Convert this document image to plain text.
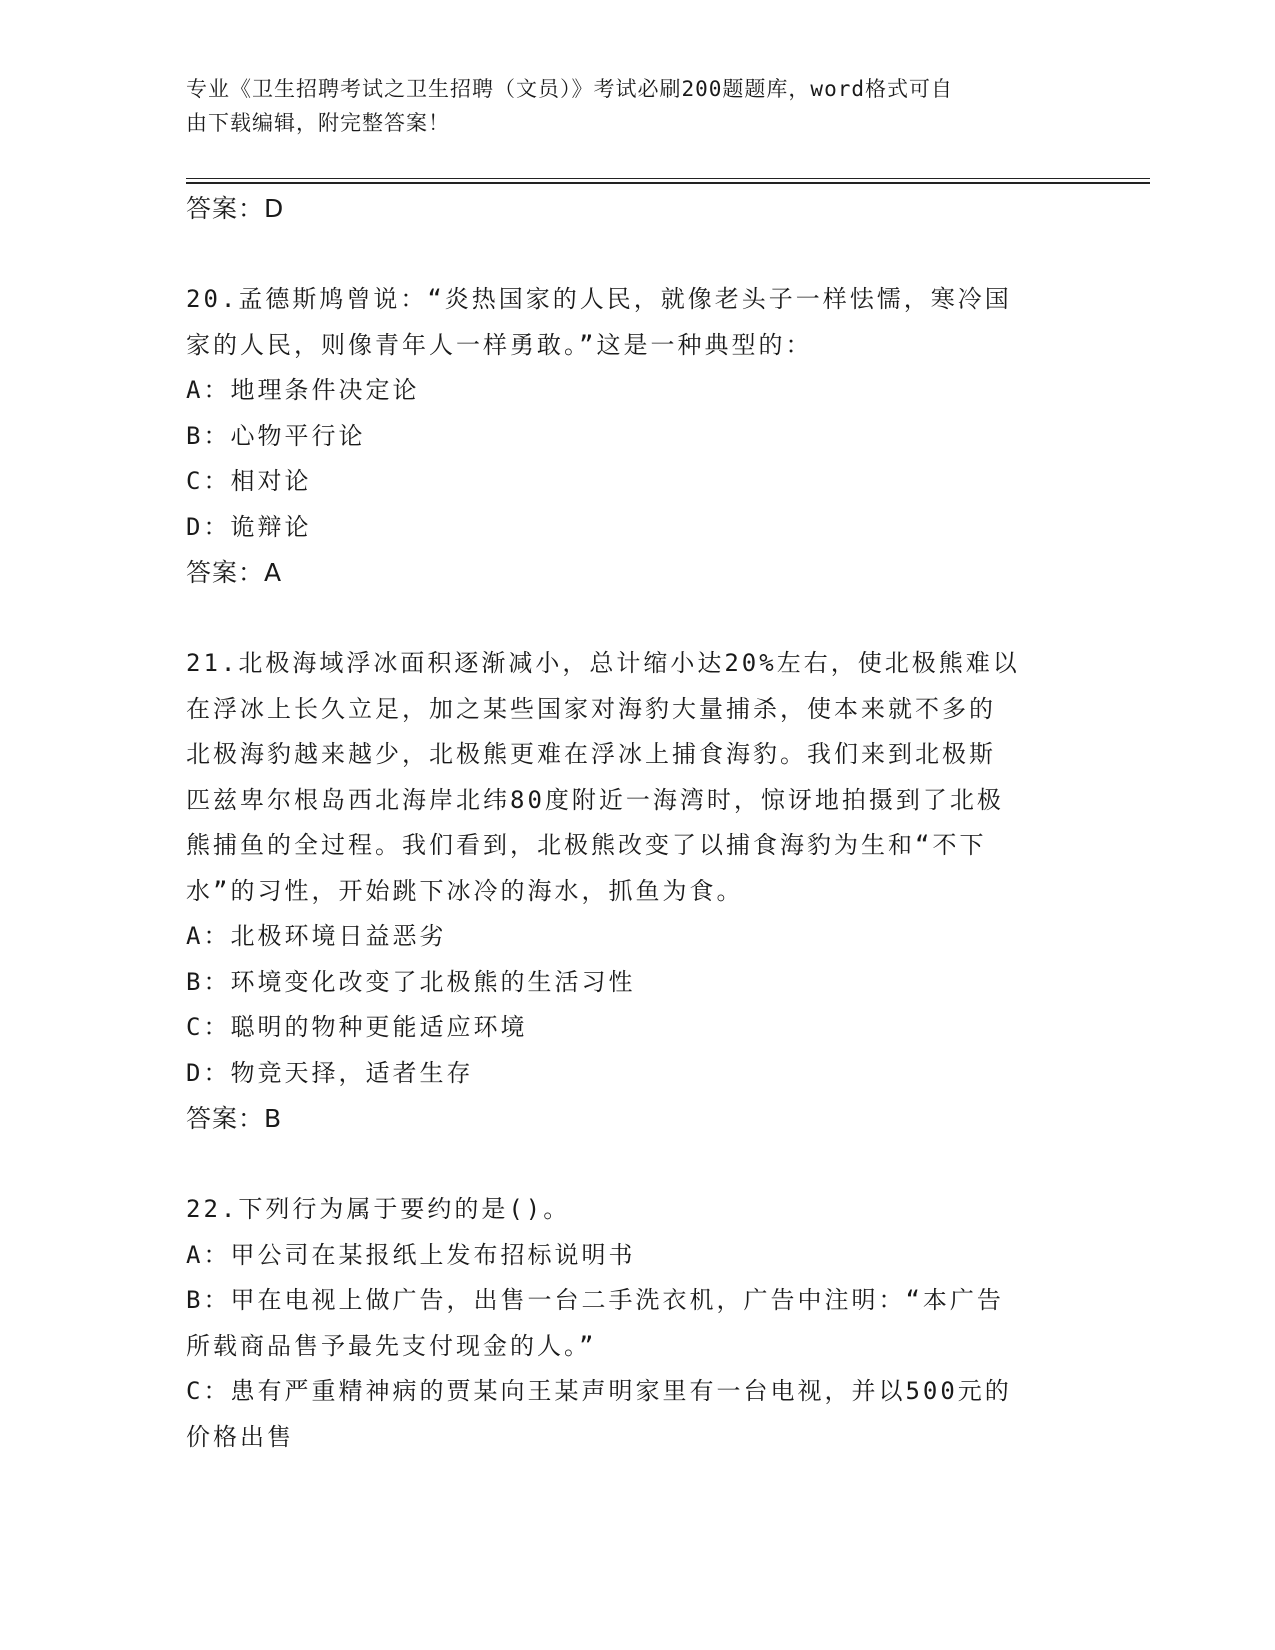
专业《卫生招聘考试之卫生招聘（文员）》考试必刷200题题库，word格式可自
由下载编辑，附完整答案！
答案：D
20.孟德斯鸠曾说：“炎热国家的人民，就像老头子一样怯懦，寒冷国
家的人民，则像青年人一样勇敢。”这是一种典型的：
A：地理条件决定论
B：心物平行论
C：相对论
D：诡辩论
答案：A
21.北极海域浮冰面积逐渐减小，总计缩小达20%左右，使北极熊难以
在浮冰上长久立足，加之某些国家对海豹大量捕杀，使本来就不多的
北极海豹越来越少，北极熊更难在浮冰上捕食海豹。我们来到北极斯
匹兹卑尔根岛西北海岸北纬80度附近一海湾时，惊讶地拍摄到了北极
熊捕鱼的全过程。我们看到，北极熊改变了以捕食海豹为生和“不下
水”的习性，开始跳下冰冷的海水，抓鱼为食。
A：北极环境日益恶劣
B：环境变化改变了北极熊的生活习性
C：聪明的物种更能适应环境
D：物竞天择，适者生存
答案：B
22.下列行为属于要约的是()。
A：甲公司在某报纸上发布招标说明书
B：甲在电视上做广告，出售一台二手洗衣机，广告中注明：“本广告
所载商品售予最先支付现金的人。”
C：患有严重精神病的贾某向王某声明家里有一台电视，并以500元的
价格出售
